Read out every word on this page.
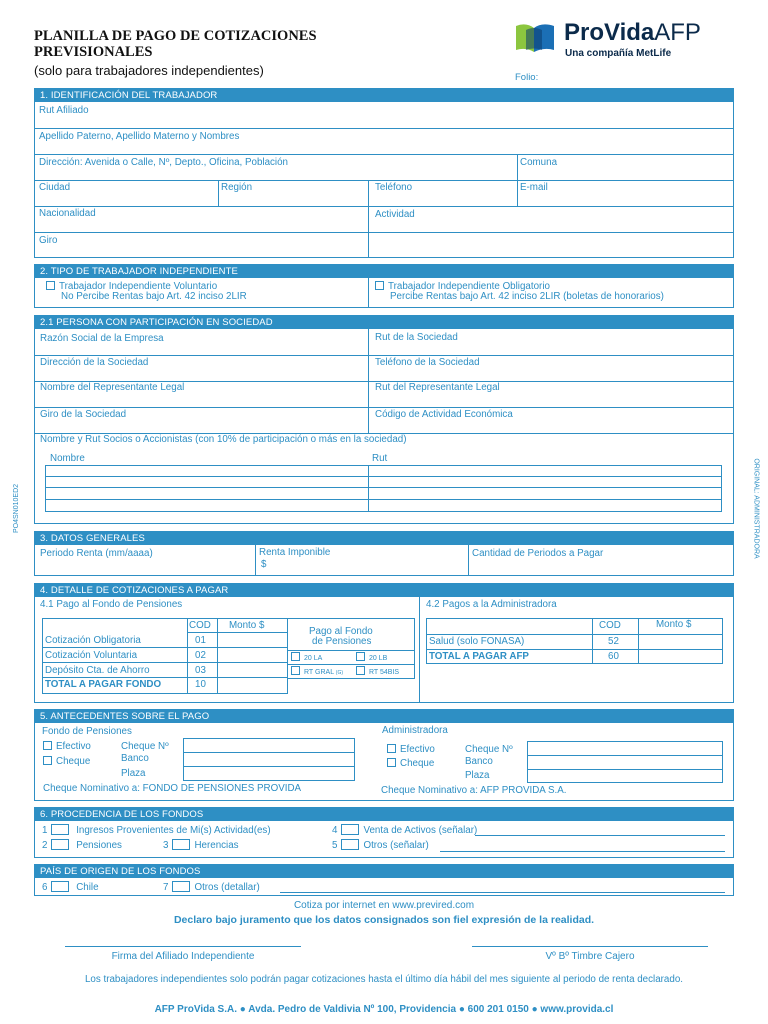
PLANILLA DE PAGO DE COTIZACIONES
PREVISIONALES
(solo para trabajadores independientes)	Folio:
ProVidaAFP
Una compañía MetLife
PO4SN010ED2	ORIGINAL: ADMINISTRADORA
1. IDENTIFICACIÓN DEL TRABAJADOR
Rut Afiliado
Apellido Paterno, Apellido Materno y Nombres
Dirección: Avenida o Calle, Nº, Depto., Oficina, Población	Comuna
Ciudad	Región	Teléfono	E-mail
Nacionalidad	Actividad
Giro
2. TIPO DE TRABAJADOR INDEPENDIENTE
Trabajador Independiente Voluntario
No Percibe Rentas bajo Art. 42 inciso 2LIR
Trabajador Independiente Obligatorio
Percibe Rentas bajo Art. 42 inciso 2LIR (boletas de honorarios)
2.1 PERSONA CON PARTICIPACIÓN EN SOCIEDAD
Razón Social de la Empresa	Rut de la Sociedad
Dirección de la Sociedad	Teléfono de la Sociedad
Nombre del Representante Legal	Rut del Representante Legal
Giro de la Sociedad	Código de Actividad Económica
Nombre y Rut Socios o Accionistas (con 10% de participación o más en la sociedad)
Nombre	Rut
3. DATOS GENERALES
Periodo Renta (mm/aaaa)	Renta Imponible
$
Cantidad de Periodos a Pagar
4. DETALLE DE COTIZACIONES A PAGAR
4.1 Pago al Fondo de Pensiones	4.2 Pagos a la Administradora
COD Monto $
Cotización Obligatoria	01
Cotización Voluntaria	02
Depósito Cta. de Ahorro	03
TOTAL A PAGAR FONDO	10
Pago al Fondo
de Pensiones
20 LA	20 LB
RT GRAL (G)	RT 54BIS
COD	Monto $
Salud (solo FONASA)	52
TOTAL A PAGAR AFP	60
5. ANTECEDENTES SOBRE EL PAGO
Fondo de Pensiones	Administradora
Efectivo
Cheque
Cheque Nº
Banco
Plaza
Cheque Nominativo a: FONDO DE PENSIONES PROVIDA
Efectivo
Cheque
Cheque Nº
Banco
Plaza
Cheque Nominativo a: AFP PROVIDA S.A.
6. PROCEDENCIA DE LOS FONDOS
1	Ingresos Provenientes de Mi(s) Actividad(es)
2	Pensiones	3	Herencias
4	Venta de Activos (señalar)
5	Otros (señalar)
PAÍS DE ORIGEN DE LOS FONDOS
6	Chile	7	Otros (detallar)
Cotiza por internet en www.previred.com
Declaro bajo juramento que los datos consignados son fiel expresión de la realidad.
Firma del Afiliado Independiente	Vº Bº Timbre Cajero
Los trabajadores independientes solo podrán pagar cotizaciones hasta el último día hábil del mes siguiente al periodo de renta declarado.
AFP ProVida S.A. ● Avda. Pedro de Valdivia Nº 100, Providencia ● 600 201 0150 ● www.provida.cl
